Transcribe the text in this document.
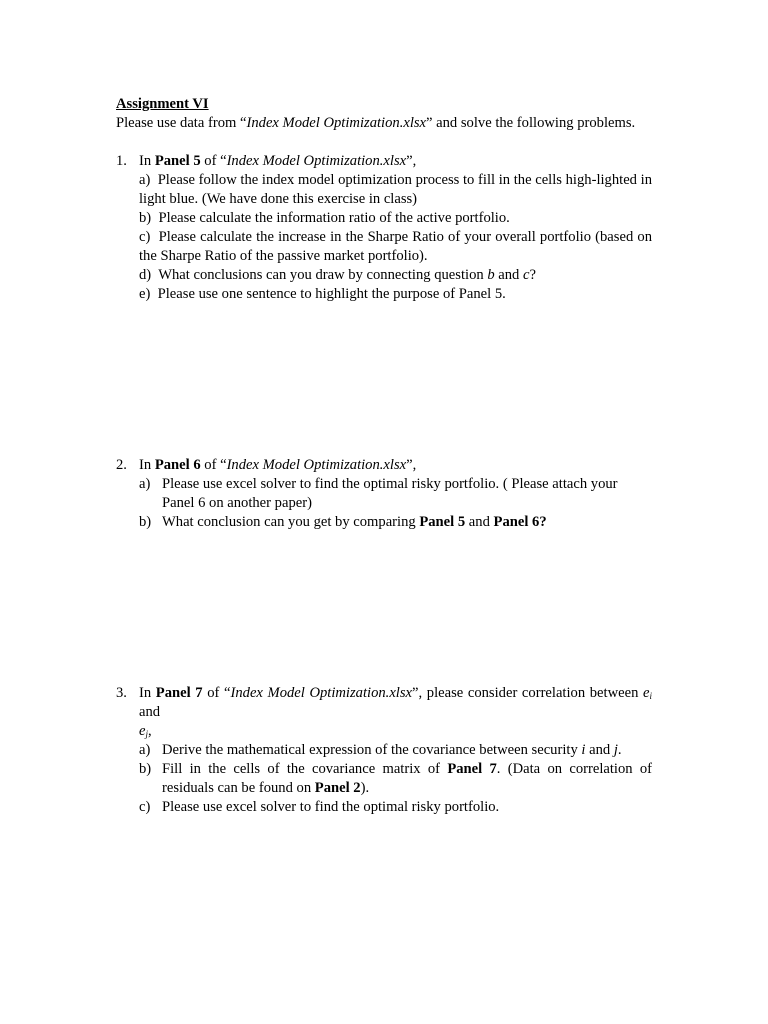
Assignment VI
Please use data from “Index Model Optimization.xlsx” and solve the following problems.
1. In Panel 5 of “Index Model Optimization.xlsx”,
a) Please follow the index model optimization process to fill in the cells high-lighted in light blue. (We have done this exercise in class)
b) Please calculate the information ratio of the active portfolio.
c) Please calculate the increase in the Sharpe Ratio of your overall portfolio (based on the Sharpe Ratio of the passive market portfolio).
d) What conclusions can you draw by connecting question b and c?
e) Please use one sentence to highlight the purpose of Panel 5.
2. In Panel 6 of “Index Model Optimization.xlsx”,
a) Please use excel solver to find the optimal risky portfolio. ( Please attach your Panel 6 on another paper)
b) What conclusion can you get by comparing Panel 5 and Panel 6?
3. In Panel 7 of “Index Model Optimization.xlsx”, please consider correlation between $e_i$ and
$e_j$,
a) Derive the mathematical expression of the covariance between security i and j.
b) Fill in the cells of the covariance matrix of Panel 7. (Data on correlation of residuals can be found on Panel 2).
c) Please use excel solver to find the optimal risky portfolio.
